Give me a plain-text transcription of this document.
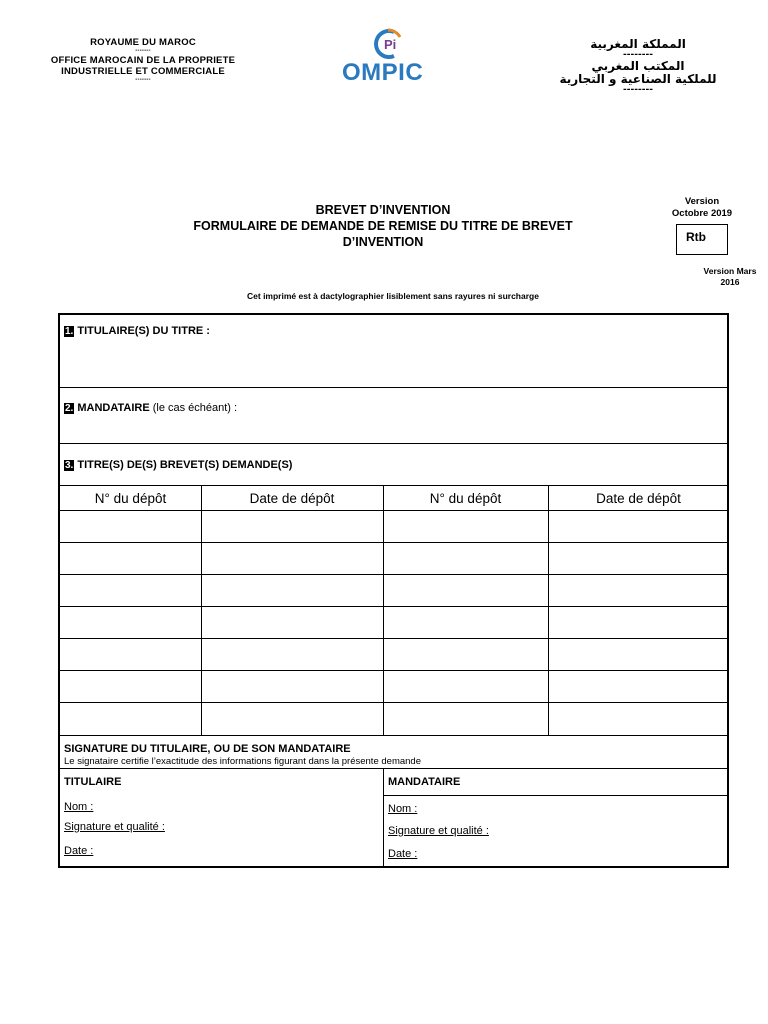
ROYAUME DU MAROC
-------
OFFICE MAROCAIN DE LA PROPRIETE
INDUSTRIELLE ET COMMERCIALE
-------
Pi
OMPIC
المملكة المغربية
--------
المكتب المغربي
للملكية الصناعية و التجارية
--------
BREVET D’INVENTION
FORMULAIRE DE DEMANDE DE REMISE DU TITRE DE BREVET
D’INVENTION
Version
Octobre 2019
Rtb
Version Mars
2016
Cet imprimé est à dactylographier lisiblement sans rayures ni surcharge
1. TITULAIRE(S) DU TITRE :
2. MANDATAIRE (le cas échéant) :
3. TITRE(S) DE(S) BREVET(S) DEMANDE(S)
N° du dépôt	Date de dépôt	N° du dépôt	Date de dépôt
SIGNATURE DU TITULAIRE, OU DE SON MANDATAIRE
Le signataire certifie l’exactitude des informations figurant dans la présente demande
TITULAIRE
Nom :
Signature et qualité :
Date :
MANDATAIRE
Nom :
Signature et qualité :
Date :
